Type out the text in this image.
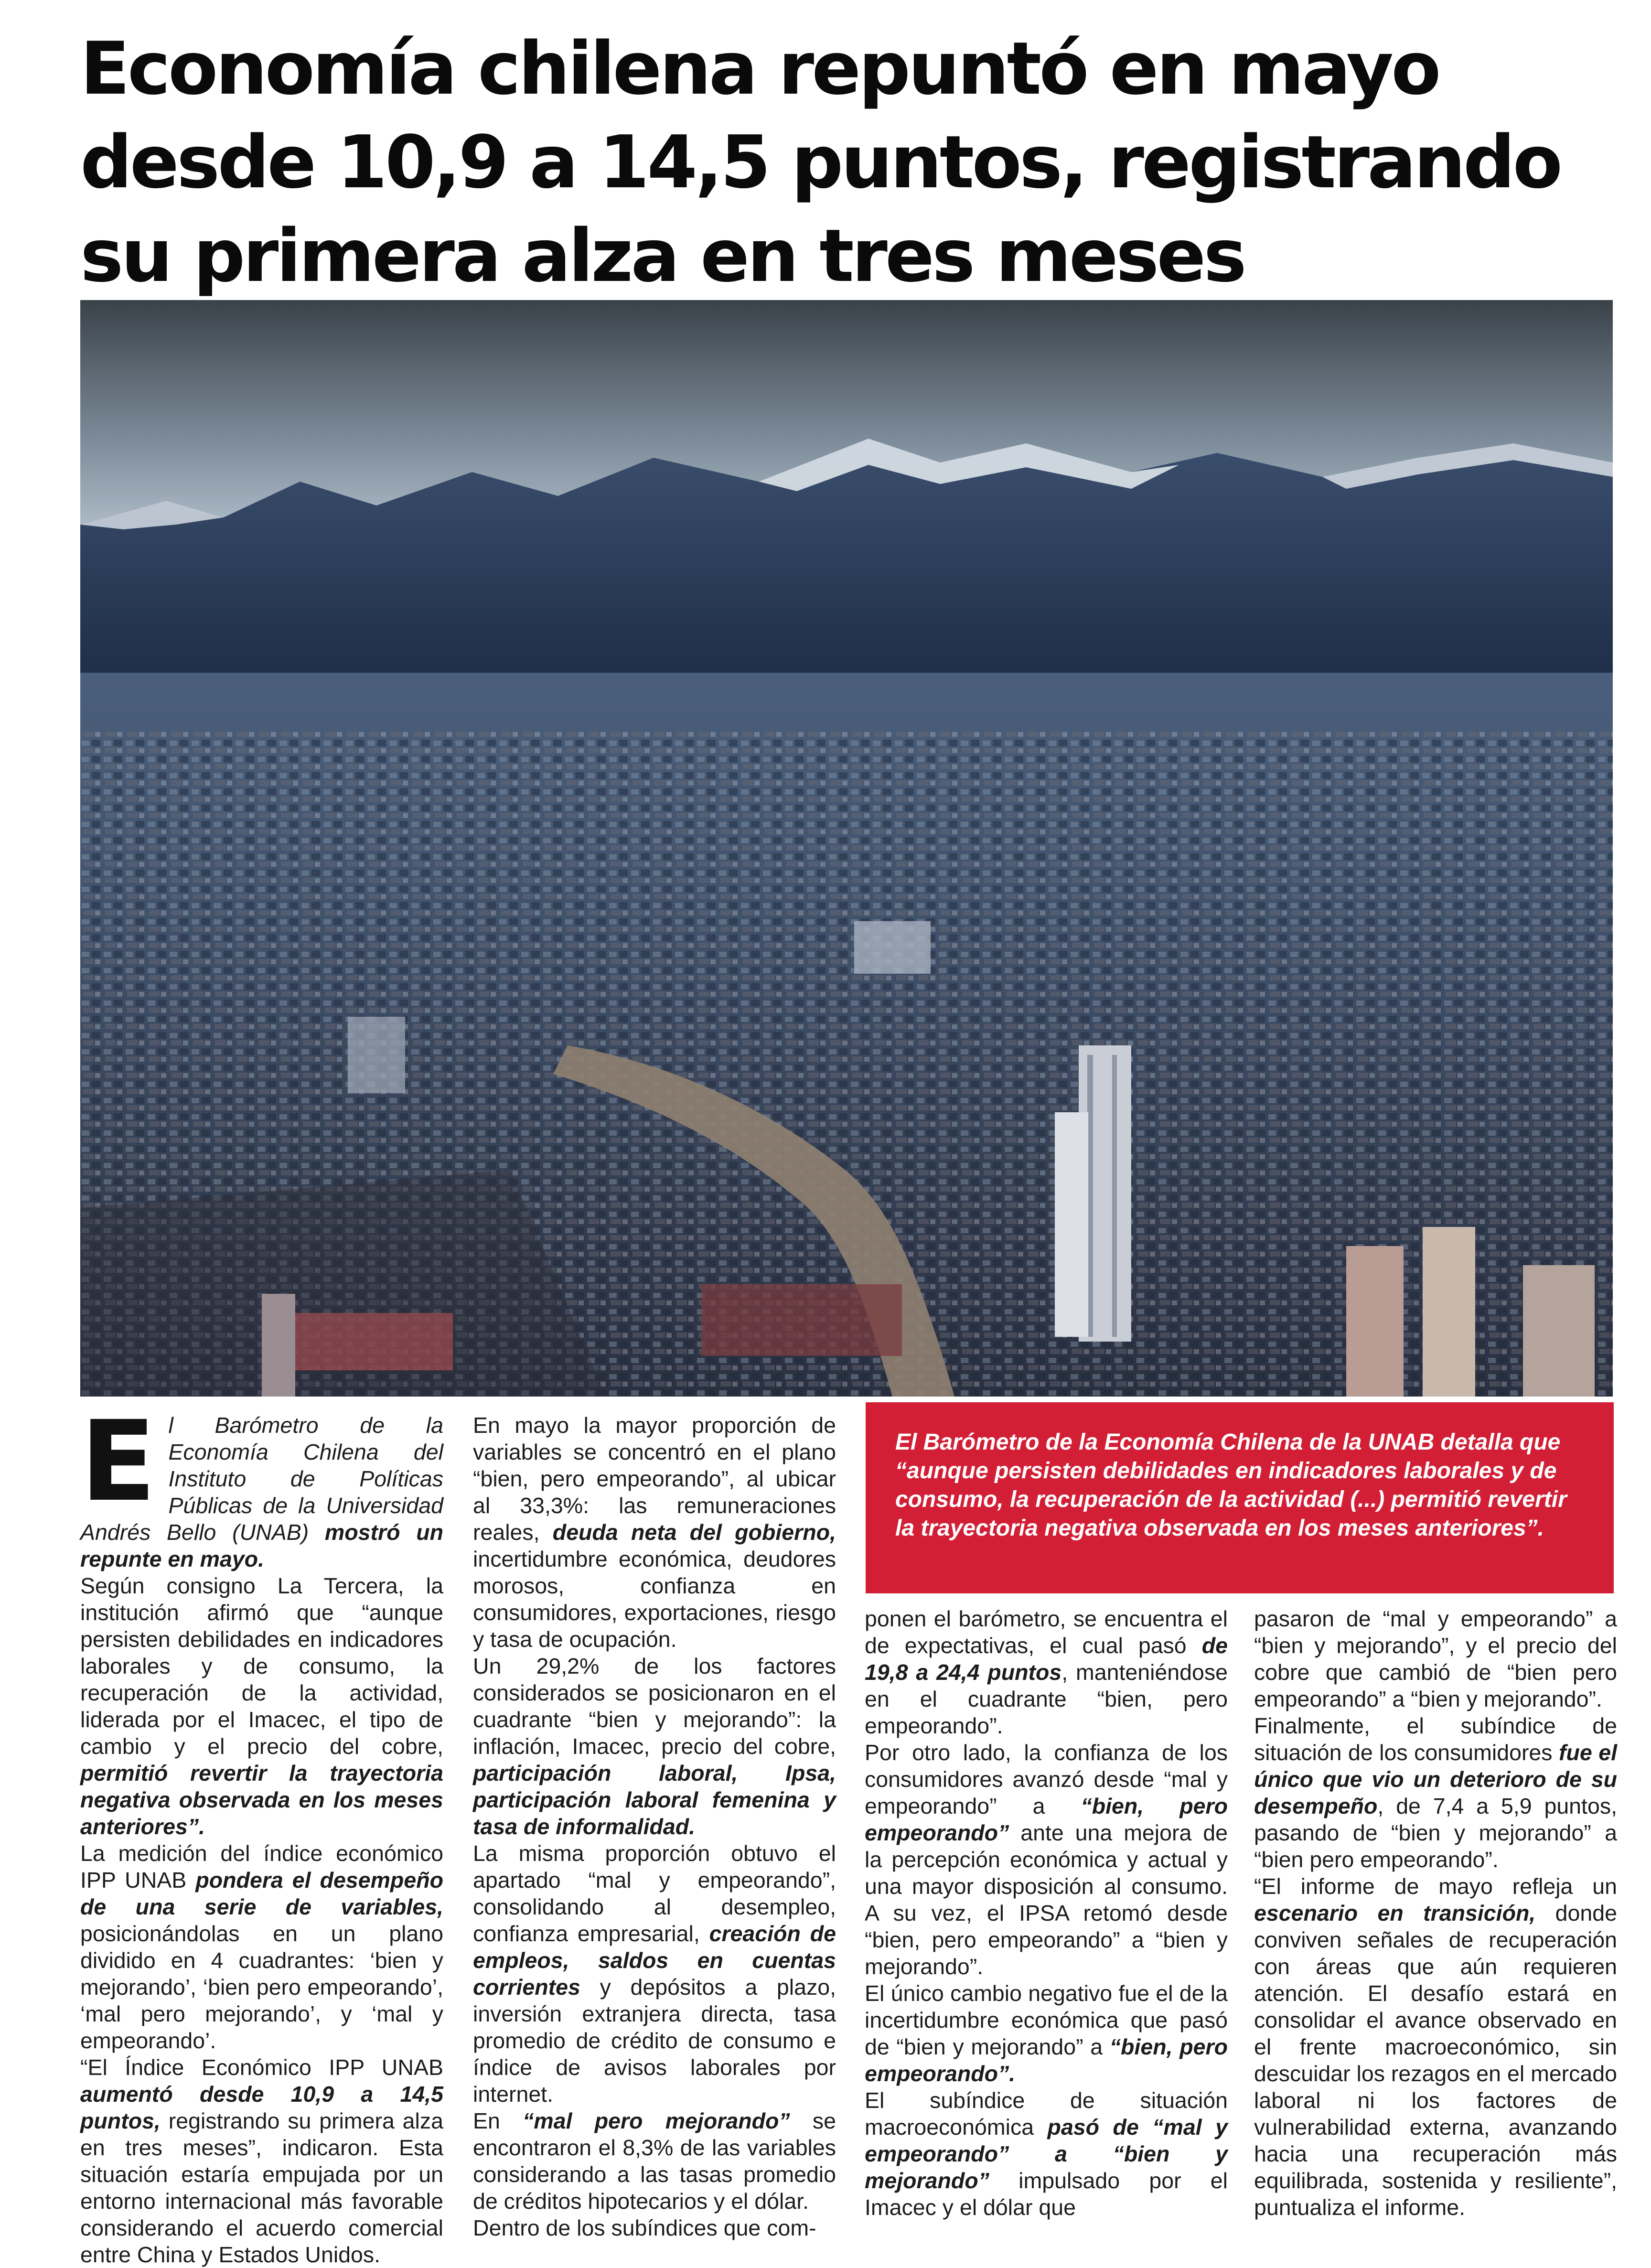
Economía chilena repuntó en mayo
desde 10,9 a 14,5 puntos, registrando
su primera alza en tres meses

El Barómetro de la Economía Chilena de la UNAB detalla que “aunque persisten debilidades en indicadores laborales y de consumo, la recuperación de la actividad (...) permitió revertir la trayectoria negativa observada en los meses anteriores”.

El Barómetro de la Economía Chilena del Instituto de Políticas Públicas de la Universidad Andrés Bello (UNAB) mostró un repunte en mayo.

Según consigno La Tercera, la institución afirmó que “aunque persisten debilidades en indicadores laborales y de consumo, la recuperación de la actividad, liderada por el Imacec, el tipo de cambio y el precio del cobre, permitió revertir la trayectoria negativa observada en los meses anteriores”.

La medición del índice económico IPP UNAB pondera el desempeño de una serie de variables, posicionándolas en un plano dividido en 4 cuadrantes: ‘bien y mejorando’, ‘bien pero empeorando’, ‘mal pero mejorando’, y ‘mal y empeorando’.

“El Índice Económico IPP UNAB aumentó desde 10,9 a 14,5 puntos, registrando su primera alza en tres meses”, indicaron. Esta situación estaría empujada por un entorno internacional más favorable considerando el acuerdo comercial entre China y Estados Unidos.

En mayo la mayor proporción de variables se concentró en el plano “bien, pero empeorando”, al ubicar al 33,3%: las remuneraciones reales, deuda neta del gobierno, incertidumbre económica, deudores morosos, confianza en consumidores, exportaciones, riesgo y tasa de ocupación.

Un 29,2% de los factores considerados se posicionaron en el cuadrante “bien y mejorando”: la inflación, Imacec, precio del cobre, participación laboral, Ipsa, participación laboral femenina y tasa de informalidad.

La misma proporción obtuvo el apartado “mal y empeorando”, consolidando al desempleo, confianza empresarial, creación de empleos, saldos en cuentas corrientes y depósitos a plazo, inversión extranjera directa, tasa promedio de crédito de consumo e índice de avisos laborales por internet.

En “mal pero mejorando” se encontraron el 8,3% de las variables considerando a las tasas promedio de créditos hipotecarios y el dólar.

Dentro de los subíndices que com-

ponen el barómetro, se encuentra el de expectativas, el cual pasó de 19,8 a 24,4 puntos, manteniéndose en el cuadrante “bien, pero empeorando”.

Por otro lado, la confianza de los consumidores avanzó desde “mal y empeorando” a “bien, pero empeorando” ante una mejora de la percepción económica y actual y una mayor disposición al consumo. A su vez, el IPSA retomó desde “bien, pero empeorando” a “bien y mejorando”.

El único cambio negativo fue el de la incertidumbre económica que pasó de “bien y mejorando” a “bien, pero empeorando”.

El subíndice de situación macroeconómica pasó de “mal y empeorando” a “bien y mejorando” impulsado por el Imacec y el dólar que

pasaron de “mal y empeorando” a “bien y mejorando”, y el precio del cobre que cambió de “bien pero empeorando” a “bien y mejorando”.

Finalmente, el subíndice de situación de los consumidores fue el único que vio un deterioro de su desempeño, de 7,4 a 5,9 puntos, pasando de “bien y mejorando” a “bien pero empeorando”.

“El informe de mayo refleja un escenario en transición, donde conviven señales de recuperación con áreas que aún requieren atención. El desafío estará en consolidar el avance observado en el frente macroeconómico, sin descuidar los rezagos en el mercado laboral ni los factores de vulnerabilidad externa, avanzando hacia una recuperación más equilibrada, sostenida y resiliente”, puntualiza el informe.
